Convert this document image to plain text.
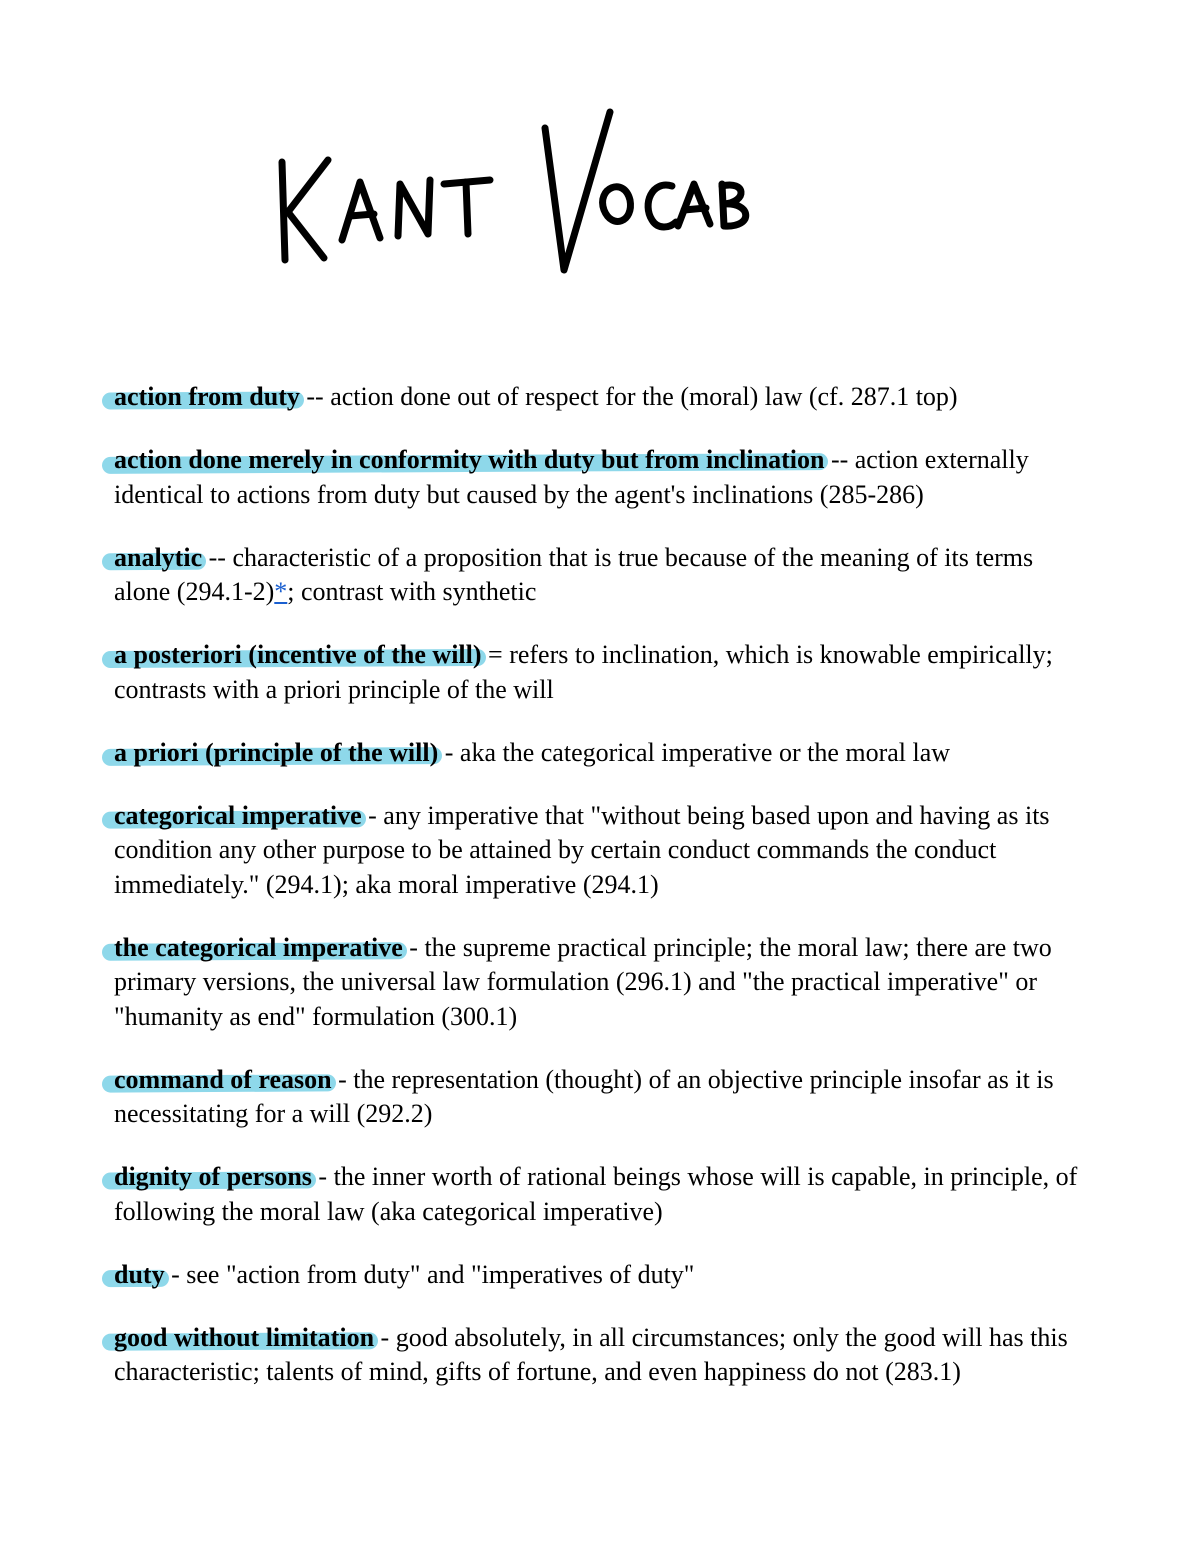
action from duty -- action done out of respect for the (moral) law (cf. 287.1 top)

action done merely in conformity with duty but from inclination -- action externally identical to actions from duty but caused by the agent's inclinations (285-286)

analytic -- characteristic of a proposition that is true because of the meaning of its terms alone (294.1-2)*; contrast with synthetic

a posteriori (incentive of the will) = refers to inclination, which is knowable empirically; contrasts with a priori principle of the will

a priori (principle of the will) - aka the categorical imperative or the moral law

categorical imperative - any imperative that "without being based upon and having as its condition any other purpose to be attained by certain conduct commands the conduct immediately." (294.1); aka moral imperative (294.1)

the categorical imperative - the supreme practical principle; the moral law; there are two primary versions, the universal law formulation (296.1) and "the practical imperative" or "humanity as end" formulation (300.1)

command of reason - the representation (thought) of an objective principle insofar as it is necessitating for a will (292.2)

dignity of persons - the inner worth of rational beings whose will is capable, in principle, of following the moral law (aka categorical imperative)

duty - see "action from duty" and "imperatives of duty"

good without limitation - good absolutely, in all circumstances; only the good will has this characteristic; talents of mind, gifts of fortune, and even happiness do not (283.1)
